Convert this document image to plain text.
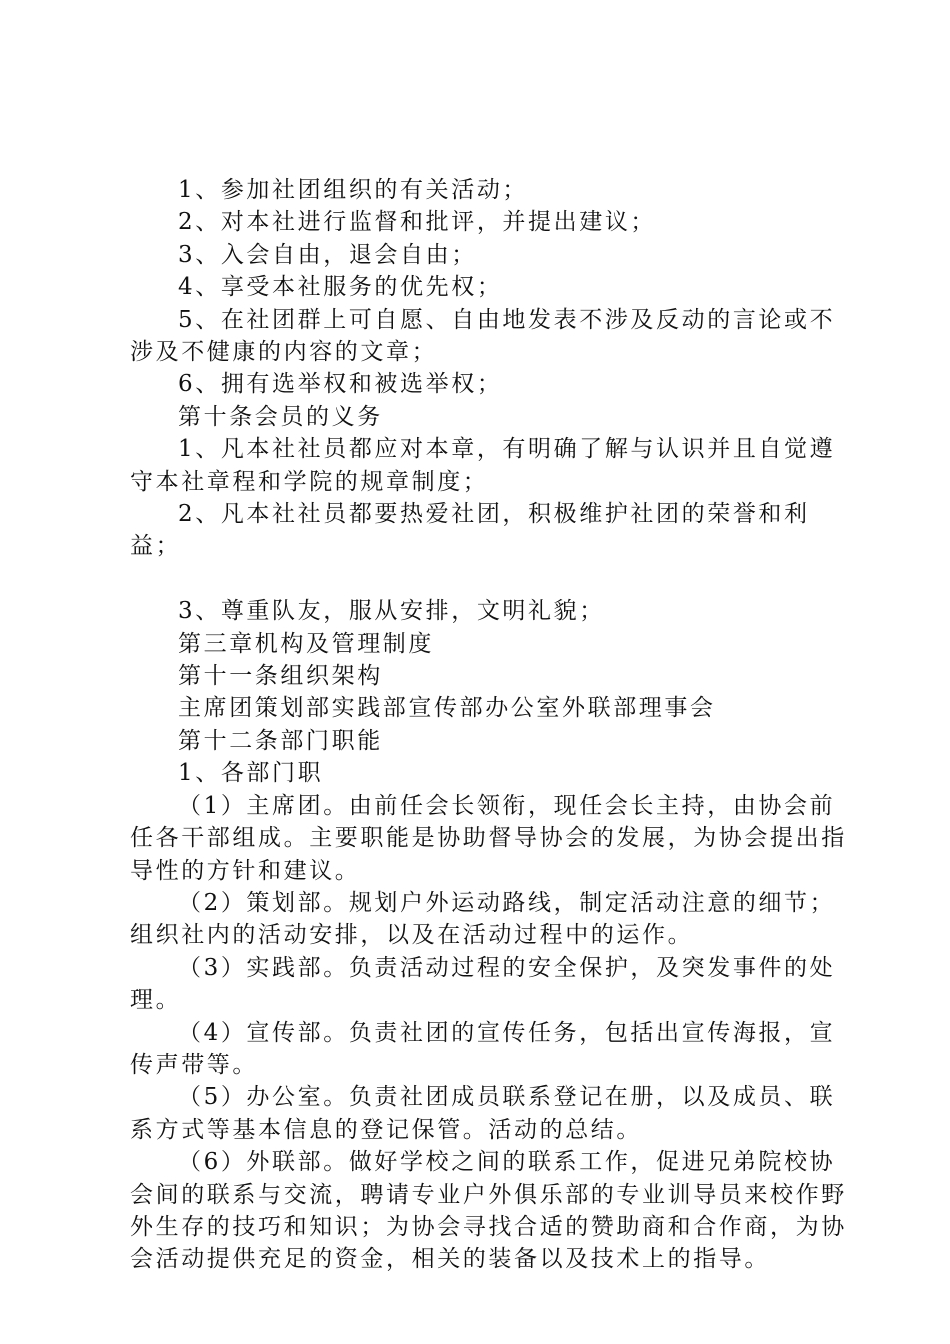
1、参加社团组织的有关活动；

2、对本社进行监督和批评，并提出建议；

3、入会自由，退会自由；

4、享受本社服务的优先权；

5、在社团群上可自愿、自由地发表不涉及反动的言论或不涉及不健康的内容的文章；

6、拥有选举权和被选举权；

第十条会员的义务

1、凡本社社员都应对本章，有明确了解与认识并且自觉遵守本社章程和学院的规章制度；

2、凡本社社员都要热爱社团，积极维护社团的荣誉和利益；

3、尊重队友，服从安排，文明礼貌；

第三章机构及管理制度

第十一条组织架构

主席团策划部实践部宣传部办公室外联部理事会

第十二条部门职能

1、各部门职

（1）主席团。由前任会长领衔，现任会长主持，由协会前任各干部组成。主要职能是协助督导协会的发展，为协会提出指导性的方针和建议。

（2）策划部。规划户外运动路线，制定活动注意的细节；组织社内的活动安排，以及在活动过程中的运作。

（3）实践部。负责活动过程的安全保护，及突发事件的处理。

（4）宣传部。负责社团的宣传任务，包括出宣传海报，宣传声带等。

（5）办公室。负责社团成员联系登记在册，以及成员、联系方式等基本信息的登记保管。活动的总结。

（6）外联部。做好学校之间的联系工作，促进兄弟院校协会间的联系与交流，聘请专业户外俱乐部的专业训导员来校作野外生存的技巧和知识；为协会寻找合适的赞助商和合作商，为协会活动提供充足的资金，相关的装备以及技术上的指导。
